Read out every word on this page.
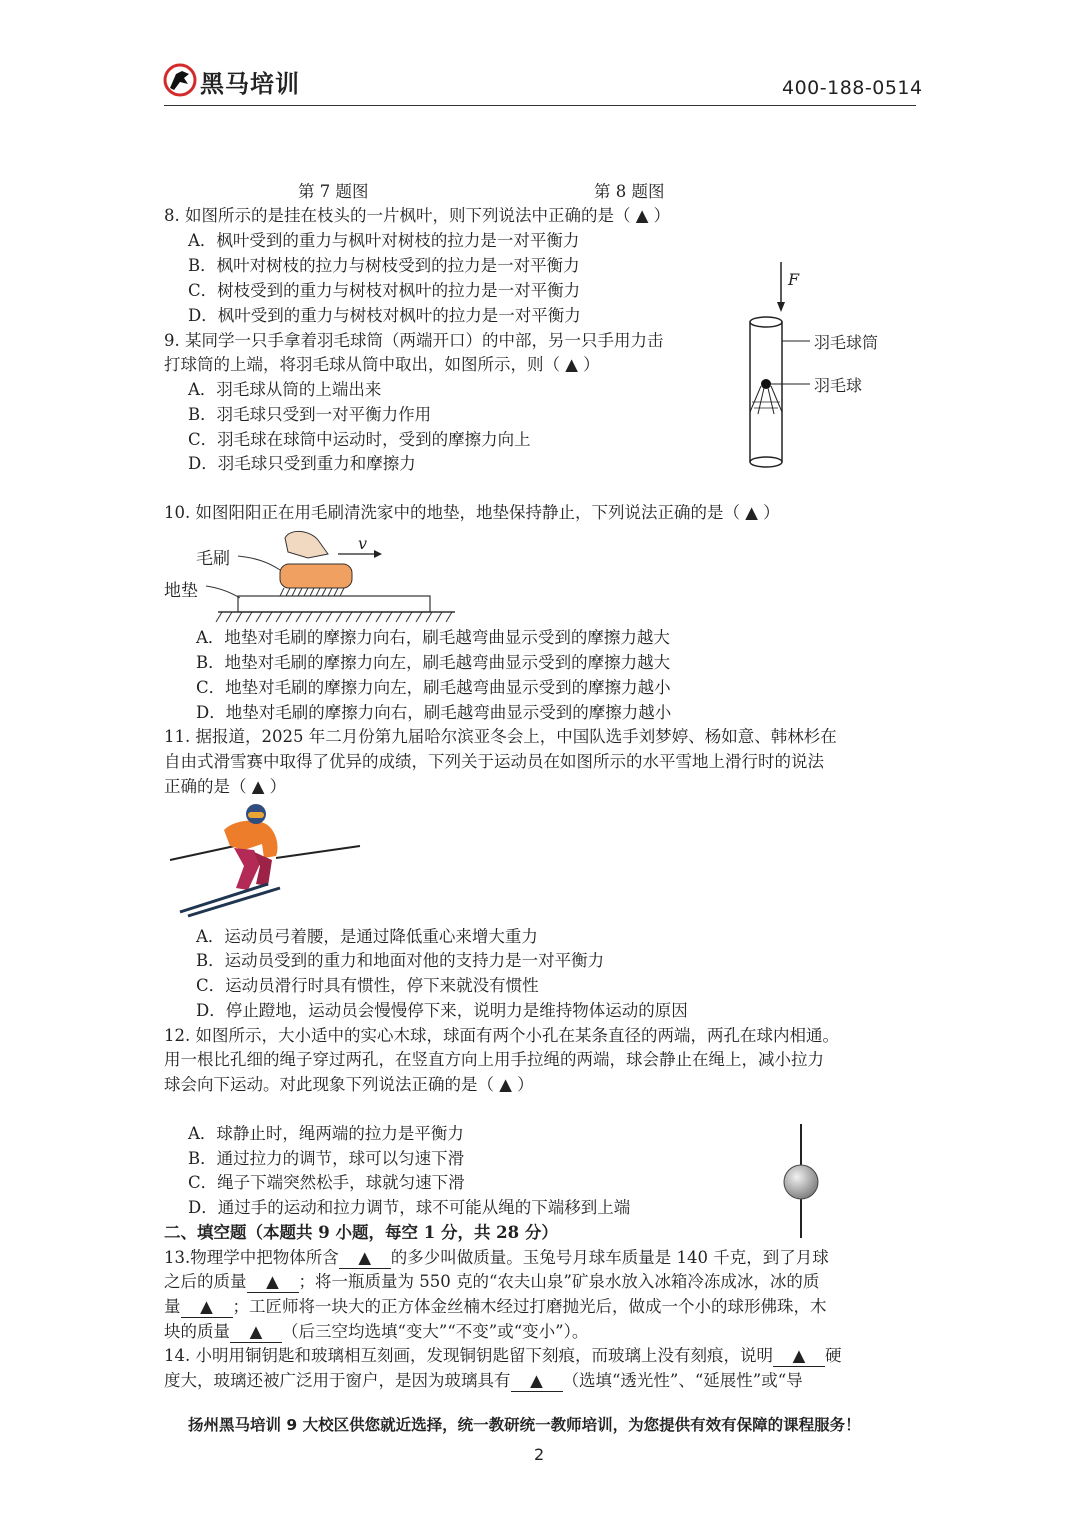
黑马培训	400-188-0514
第 7 题图	第 8 题图
8. 如图所示的是挂在枝头的一片枫叶，则下列说法中正确的是（ ▲ ）
A．枫叶受到的重力与枫叶对树枝的拉力是一对平衡力
B．枫叶对树枝的拉力与树枝受到的拉力是一对平衡力
C．树枝受到的重力与树枝对枫叶的拉力是一对平衡力
D．枫叶受到的重力与树枝对枫叶的拉力是一对平衡力
9. 某同学一只手拿着羽毛球筒（两端开口）的中部，另一只手用力击
打球筒的上端，将羽毛球从筒中取出，如图所示，则（ ▲ ）
A．羽毛球从筒的上端出来
B．羽毛球只受到一对平衡力作用
C．羽毛球在球筒中运动时，受到的摩擦力向上
D．羽毛球只受到重力和摩擦力
F
羽毛球筒
羽毛球
10. 如图阳阳正在用毛刷清洗家中的地垫，地垫保持静止，下列说法正确的是（ ▲ ）
毛刷
地垫
v
A．地垫对毛刷的摩擦力向右，刷毛越弯曲显示受到的摩擦力越大
B．地垫对毛刷的摩擦力向左，刷毛越弯曲显示受到的摩擦力越大
C．地垫对毛刷的摩擦力向左，刷毛越弯曲显示受到的摩擦力越小
D．地垫对毛刷的摩擦力向右，刷毛越弯曲显示受到的摩擦力越小
11. 据报道，2025 年二月份第九届哈尔滨亚冬会上，中国队选手刘梦婷、杨如意、韩林杉在
自由式滑雪赛中取得了优异的成绩，下列关于运动员在如图所示的水平雪地上滑行时的说法
正确的是（ ▲ ）
A．运动员弓着腰，是通过降低重心来增大重力
B．运动员受到的重力和地面对他的支持力是一对平衡力
C．运动员滑行时具有惯性，停下来就没有惯性
D．停止蹬地，运动员会慢慢停下来，说明力是维持物体运动的原因
12. 如图所示，大小适中的实心木球，球面有两个小孔在某条直径的两端，两孔在球内相通。
用一根比孔细的绳子穿过两孔，在竖直方向上用手拉绳的两端，球会静止在绳上，减小拉力
球会向下运动。对此现象下列说法正确的是（ ▲ ）
A．球静止时，绳两端的拉力是平衡力
B．通过拉力的调节，球可以匀速下滑
C．绳子下端突然松手，球就匀速下滑
D．通过手的运动和拉力调节，球不可能从绳的下端移到上端
二、填空题（本题共 9 小题，每空 1 分，共 28 分）
13.物理学中把物体所含 ▲ 的多少叫做质量。玉兔号月球车质量是 140 千克，到了月球
之后的质量 ▲ ；将一瓶质量为 550 克的“农夫山泉”矿泉水放入冰箱冷冻成冰，冰的质
量 ▲ ；工匠师将一块大的正方体金丝楠木经过打磨抛光后，做成一个小的球形佛珠，木
块的质量 ▲ （后三空均选填“变大”“不变”或“变小”）。
14. 小明用铜钥匙和玻璃相互刻画，发现铜钥匙留下刻痕，而玻璃上没有刻痕，说明 ▲ 硬
度大，玻璃还被广泛用于窗户，是因为玻璃具有 ▲ （选填“透光性”、“延展性”或“导
扬州黑马培训 9 大校区供您就近选择，统一教研统一教师培训，为您提供有效有保障的课程服务！
2
